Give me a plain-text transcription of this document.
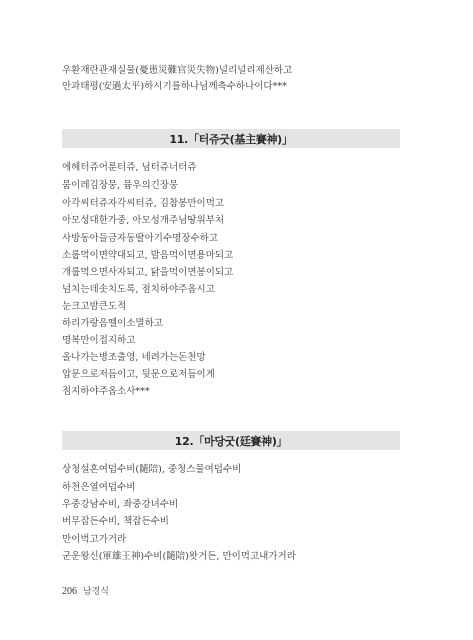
우환재란관재실물(憂患災難官災失物)널리널리제산하고
안과태평(安過太平)하시기를하나님께축수하나이다***
11.「터쥬굿(基主賽神)」
에헤터쥬어룬터쥬, 님터쥬너터쥬
뭄이레김장뭉, 뮴우의긴장뭉
아각씨터쥬자각씨터쥬, 김참봉만이먹고
아모성대한가중, 아모성개주님땅위부처
사방동아들금자동딸아기수명장수하고
소룹먹이면약대되고, 발음먹이면용마되고
개룹먹으면사자되고, 닭을먹이면봉이되고
넘치는데솟치도록, 점치하야주옵시고
눈크고밤큰도적
하리가랑음뗄이소멸하고
명복만이접지하고
올나가는병조출영, 네려가는돈천망
압문으로저듬이고, 뒷문으로저듬이게
점지하야주옵소사***
12.「마당굿(廷賽神)」
상청설혼여덥수비(隨陪), 중청스물여덥수비
하천은열여덥수비
우중강남수비, 좌중강녀수비
버무잡든수비, 책잡든수비
만이벅고가거라
군운왕신(軍雄王神)수비(隨陪)왓거든, 만이먹고내가거라
206 남경식
